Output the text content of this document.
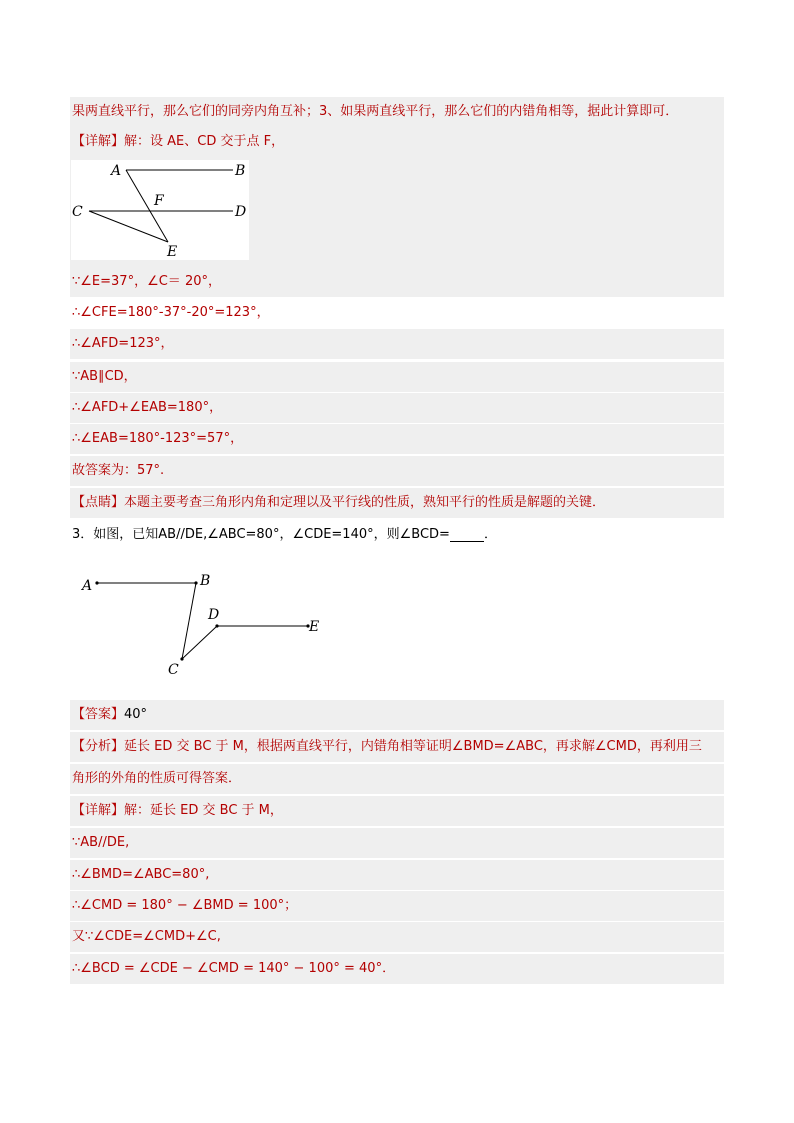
果两直线平行，那么它们的同旁内角互补；3、如果两直线平行，那么它们的内错角相等，据此计算即可．
【详解】解：设 AE、CD 交于点 F，
A	B
C	D
E
F
∵∠E=37°，∠C＝ 20°，
∴∠CFE=180°-37°-20°=123°，
∴∠AFD=123°，
∵AB∥CD，
∴∠AFD+∠EAB=180°，
∴∠EAB=180°-123°=57°，
故答案为：57°.
【点睛】本题主要考查三角形内角和定理以及平行线的性质，熟知平行的性质是解题的关键．
3．如图，已知AB//DE,∠ABC=80°，∠CDE=140°，则∠BCD=	．
A	B
C
D
E
【答案】40°
【分析】延长 ED 交 BC 于 M，根据两直线平行，内错角相等证明∠BMD=∠ABC，再求解∠CMD，再利用三
角形的外角的性质可得答案．
【详解】解：延长 ED 交 BC 于 M，
∵AB//DE,
∴∠BMD=∠ABC=80°,
∴∠CMD = 180° − ∠BMD = 100°；
又∵∠CDE=∠CMD+∠C,
∴∠BCD = ∠CDE − ∠CMD = 140° − 100° = 40°．
